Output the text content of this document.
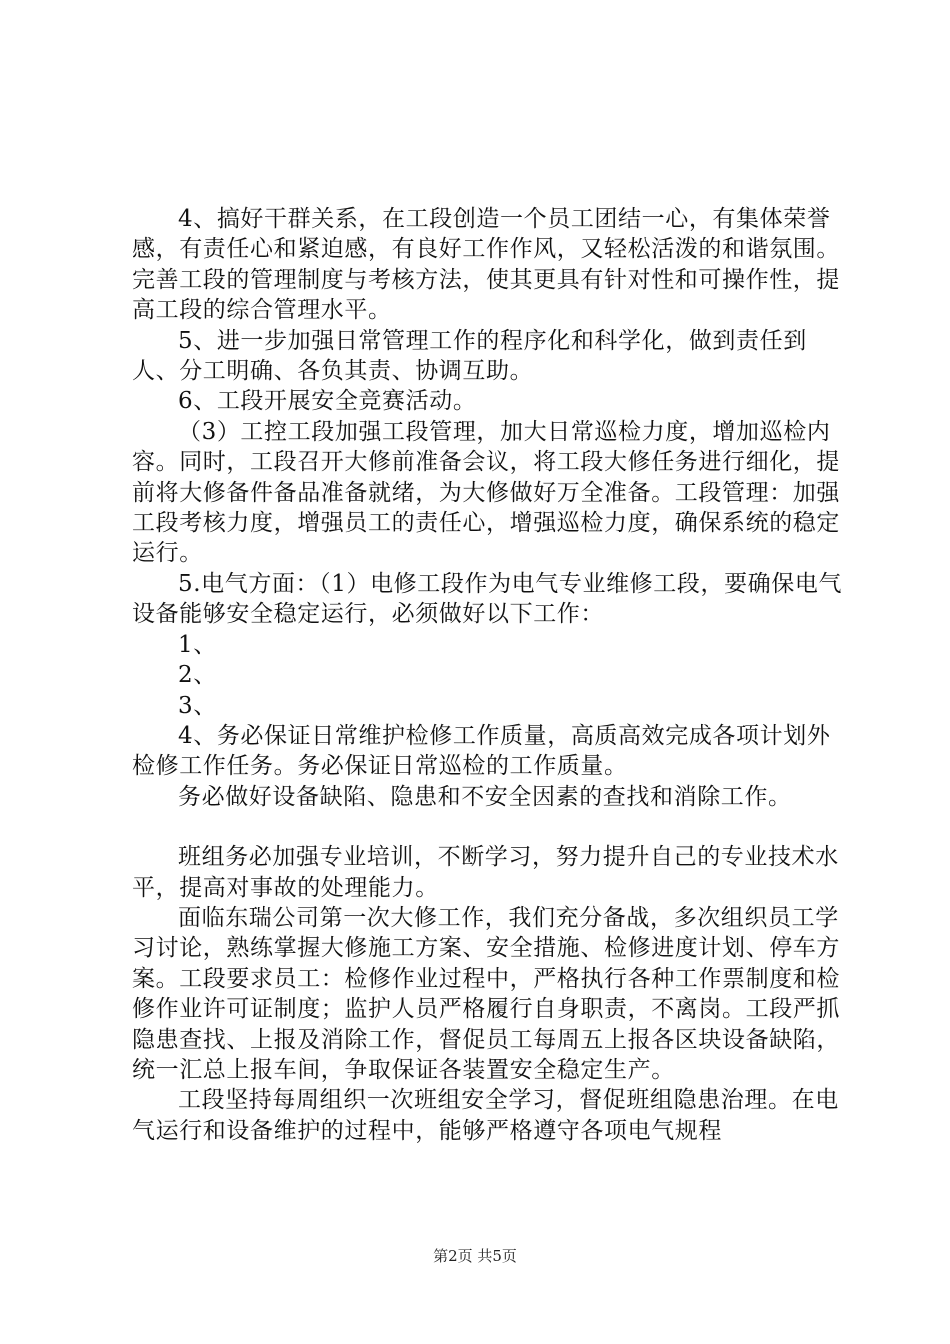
4、搞好干群关系，在工段创造一个员工团结一心，有集体荣誉感，有责任心和紧迫感，有良好工作作风，又轻松活泼的和谐氛围。完善工段的管理制度与考核方法，使其更具有针对性和可操作性，提高工段的综合管理水平。

5、进一步加强日常管理工作的程序化和科学化，做到责任到人、分工明确、各负其责、协调互助。

6、工段开展安全竞赛活动。

（3）工控工段加强工段管理，加大日常巡检力度，增加巡检内容。同时，工段召开大修前准备会议，将工段大修任务进行细化，提前将大修备件备品准备就绪，为大修做好万全准备。工段管理：加强工段考核力度，增强员工的责任心，增强巡检力度，确保系统的稳定运行。

5.电气方面：（1）电修工段作为电气专业维修工段，要确保电气设备能够安全稳定运行，必须做好以下工作：

1、

2、

3、

4、务必保证日常维护检修工作质量，高质高效完成各项计划外检修工作任务。务必保证日常巡检的工作质量。

务必做好设备缺陷、隐患和不安全因素的查找和消除工作。

班组务必加强专业培训，不断学习，努力提升自己的专业技术水平，提高对事故的处理能力。

面临东瑞公司第一次大修工作，我们充分备战，多次组织员工学习讨论，熟练掌握大修施工方案、安全措施、检修进度计划、停车方案。工段要求员工：检修作业过程中，严格执行各种工作票制度和检修作业许可证制度；监护人员严格履行自身职责，不离岗。工段严抓隐患查找、上报及消除工作，督促员工每周五上报各区块设备缺陷，统一汇总上报车间，争取保证各装置安全稳定生产。

工段坚持每周组织一次班组安全学习，督促班组隐患治理。在电气运行和设备维护的过程中，能够严格遵守各项电气规程

第2页 共5页
